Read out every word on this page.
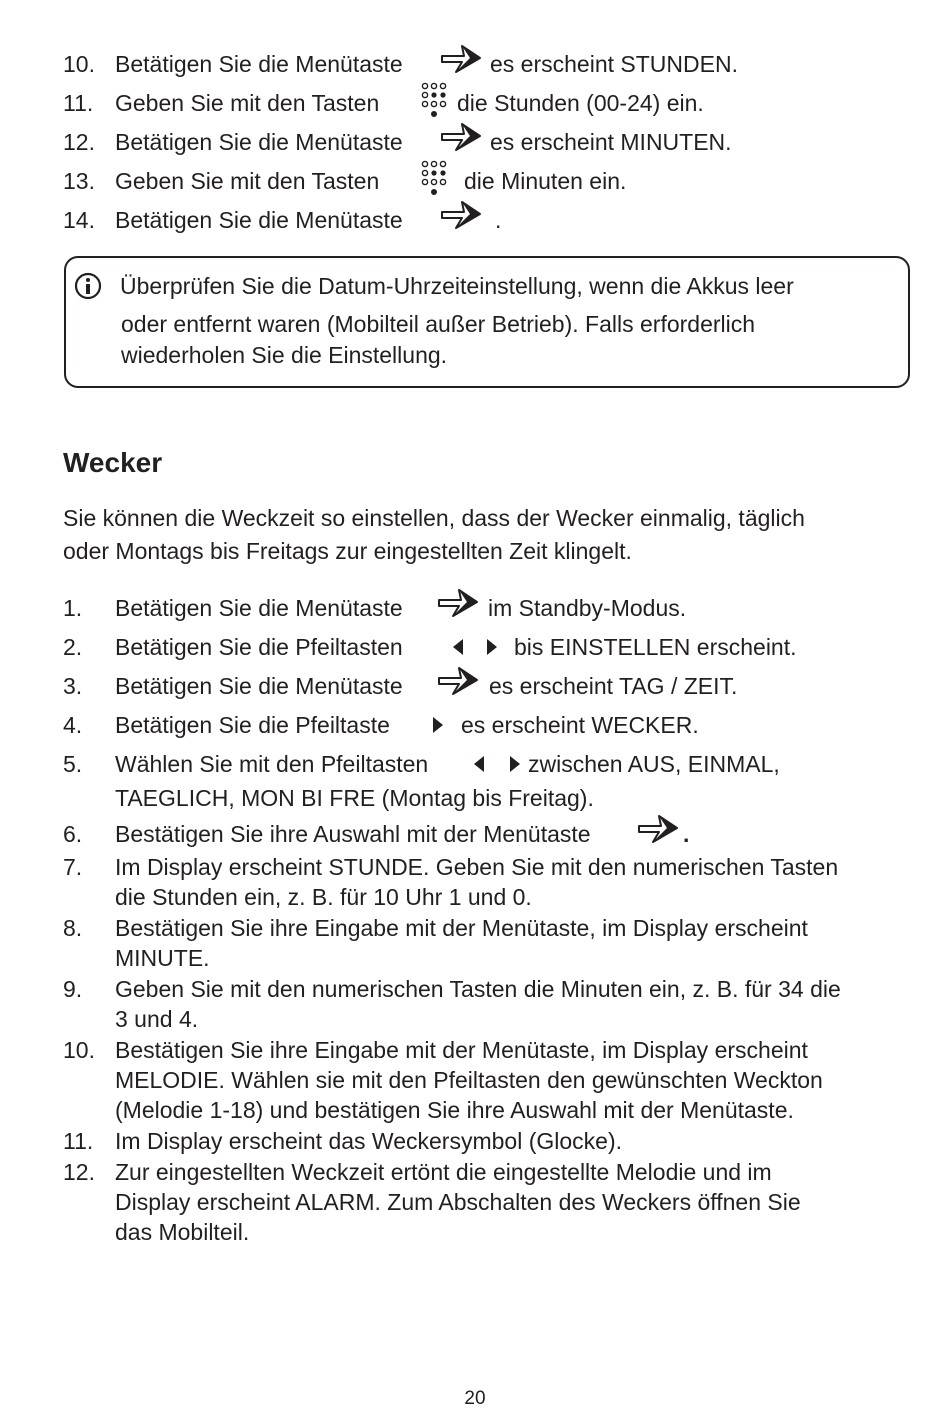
10. Betätigen Sie die Menütaste	es erscheint STUNDEN.
11. Geben Sie mit den Tasten	die Stunden (00-24) ein.
12. Betätigen Sie die Menütaste	es erscheint MINUTEN.
13. Geben Sie mit den Tasten	die Minuten ein.
14. Betätigen Sie die Menütaste	.
Überprüfen Sie die Datum-Uhrzeiteinstellung, wenn die Akkus leer
oder entfernt waren (Mobilteil außer Betrieb). Falls erforderlich
wiederholen Sie die Einstellung.
Wecker
Sie können die Weckzeit so einstellen, dass der Wecker einmalig, täglich
oder Montags bis Freitags zur eingestellten Zeit klingelt.
1. Betätigen Sie die Menütaste	im Standby-Modus.
2. Betätigen Sie die Pfeiltasten	bis EINSTELLEN erscheint.
3. Betätigen Sie die Menütaste	es erscheint TAG / ZEIT.
4. Betätigen Sie die Pfeiltaste	es erscheint WECKER.
5. Wählen Sie mit den Pfeiltasten	zwischen AUS, EINMAL,
TAEGLICH, MON BI FRE (Montag bis Freitag).
6. Bestätigen Sie ihre Auswahl mit der Menütaste	.
7. Im Display erscheint STUNDE. Geben Sie mit den numerischen Tasten
die Stunden ein, z. B. für 10 Uhr 1 und 0.
8. Bestätigen Sie ihre Eingabe mit der Menütaste, im Display erscheint
MINUTE.
9. Geben Sie mit den numerischen Tasten die Minuten ein, z. B. für 34 die
3 und 4.
10. Bestätigen Sie ihre Eingabe mit der Menütaste, im Display erscheint
MELODIE. Wählen sie mit den Pfeiltasten den gewünschten Weckton
(Melodie 1-18) und bestätigen Sie ihre Auswahl mit der Menütaste.
11. Im Display erscheint das Weckersymbol (Glocke).
12. Zur eingestellten Weckzeit ertönt die eingestellte Melodie und im
Display erscheint ALARM. Zum Abschalten des Weckers öffnen Sie
das Mobilteil.
20
